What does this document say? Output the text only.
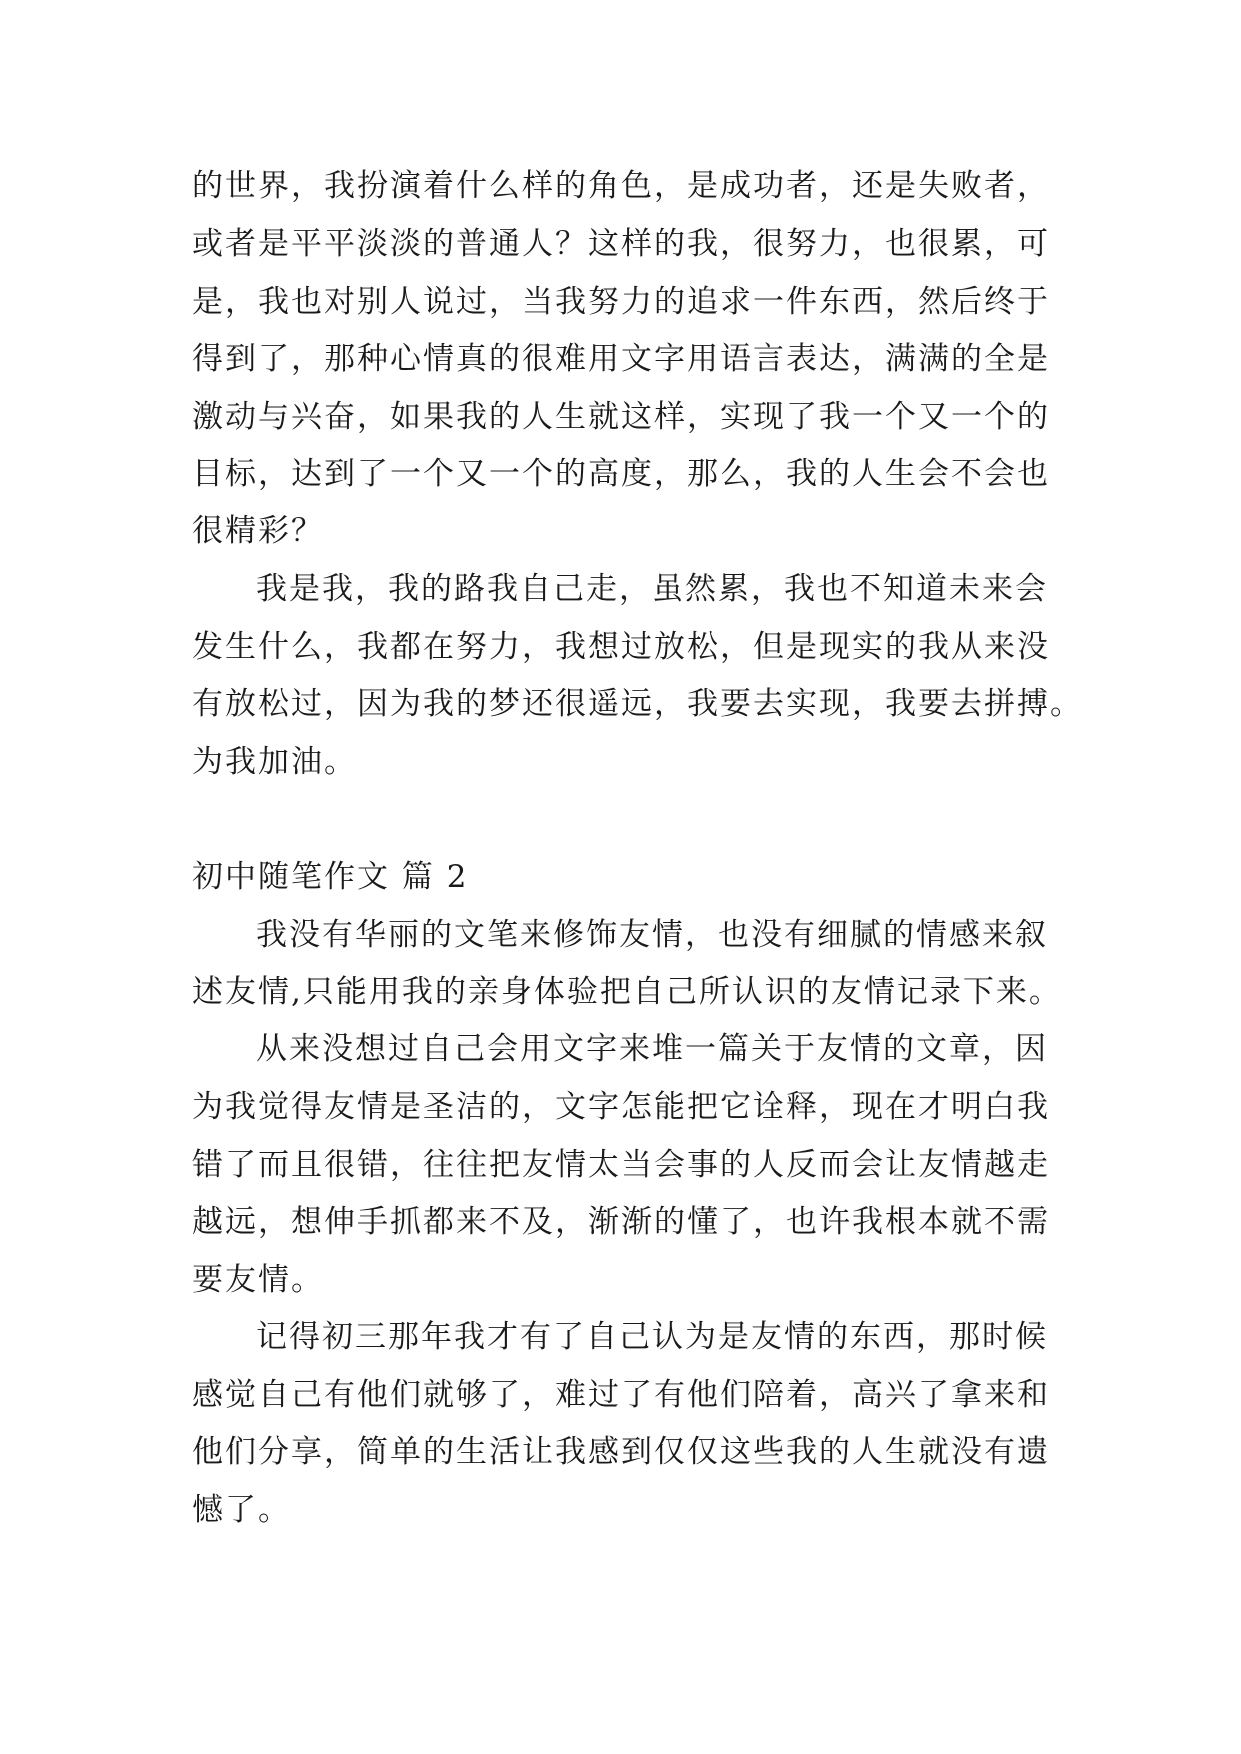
的世界，我扮演着什么样的角色，是成功者，还是失败者，
或者是平平淡淡的普通人？这样的我，很努力，也很累，可
是，我也对别人说过，当我努力的追求一件东西，然后终于
得到了，那种心情真的很难用文字用语言表达，满满的全是
激动与兴奋，如果我的人生就这样，实现了我一个又一个的
目标，达到了一个又一个的高度，那么，我的人生会不会也
很精彩？
我是我，我的路我自己走，虽然累，我也不知道未来会
发生什么，我都在努力，我想过放松，但是现实的我从来没
有放松过，因为我的梦还很遥远，我要去实现，我要去拼搏。
为我加油。
初中随笔作文 篇 2
我没有华丽的文笔来修饰友情，也没有细腻的情感来叙
述友情,只能用我的亲身体验把自己所认识的友情记录下来。
从来没想过自己会用文字来堆一篇关于友情的文章，因
为我觉得友情是圣洁的，文字怎能把它诠释，现在才明白我
错了而且很错，往往把友情太当会事的人反而会让友情越走
越远，想伸手抓都来不及，渐渐的懂了，也许我根本就不需
要友情。
记得初三那年我才有了自己认为是友情的东西，那时候
感觉自己有他们就够了，难过了有他们陪着，高兴了拿来和
他们分享，简单的生活让我感到仅仅这些我的人生就没有遗
憾了。
